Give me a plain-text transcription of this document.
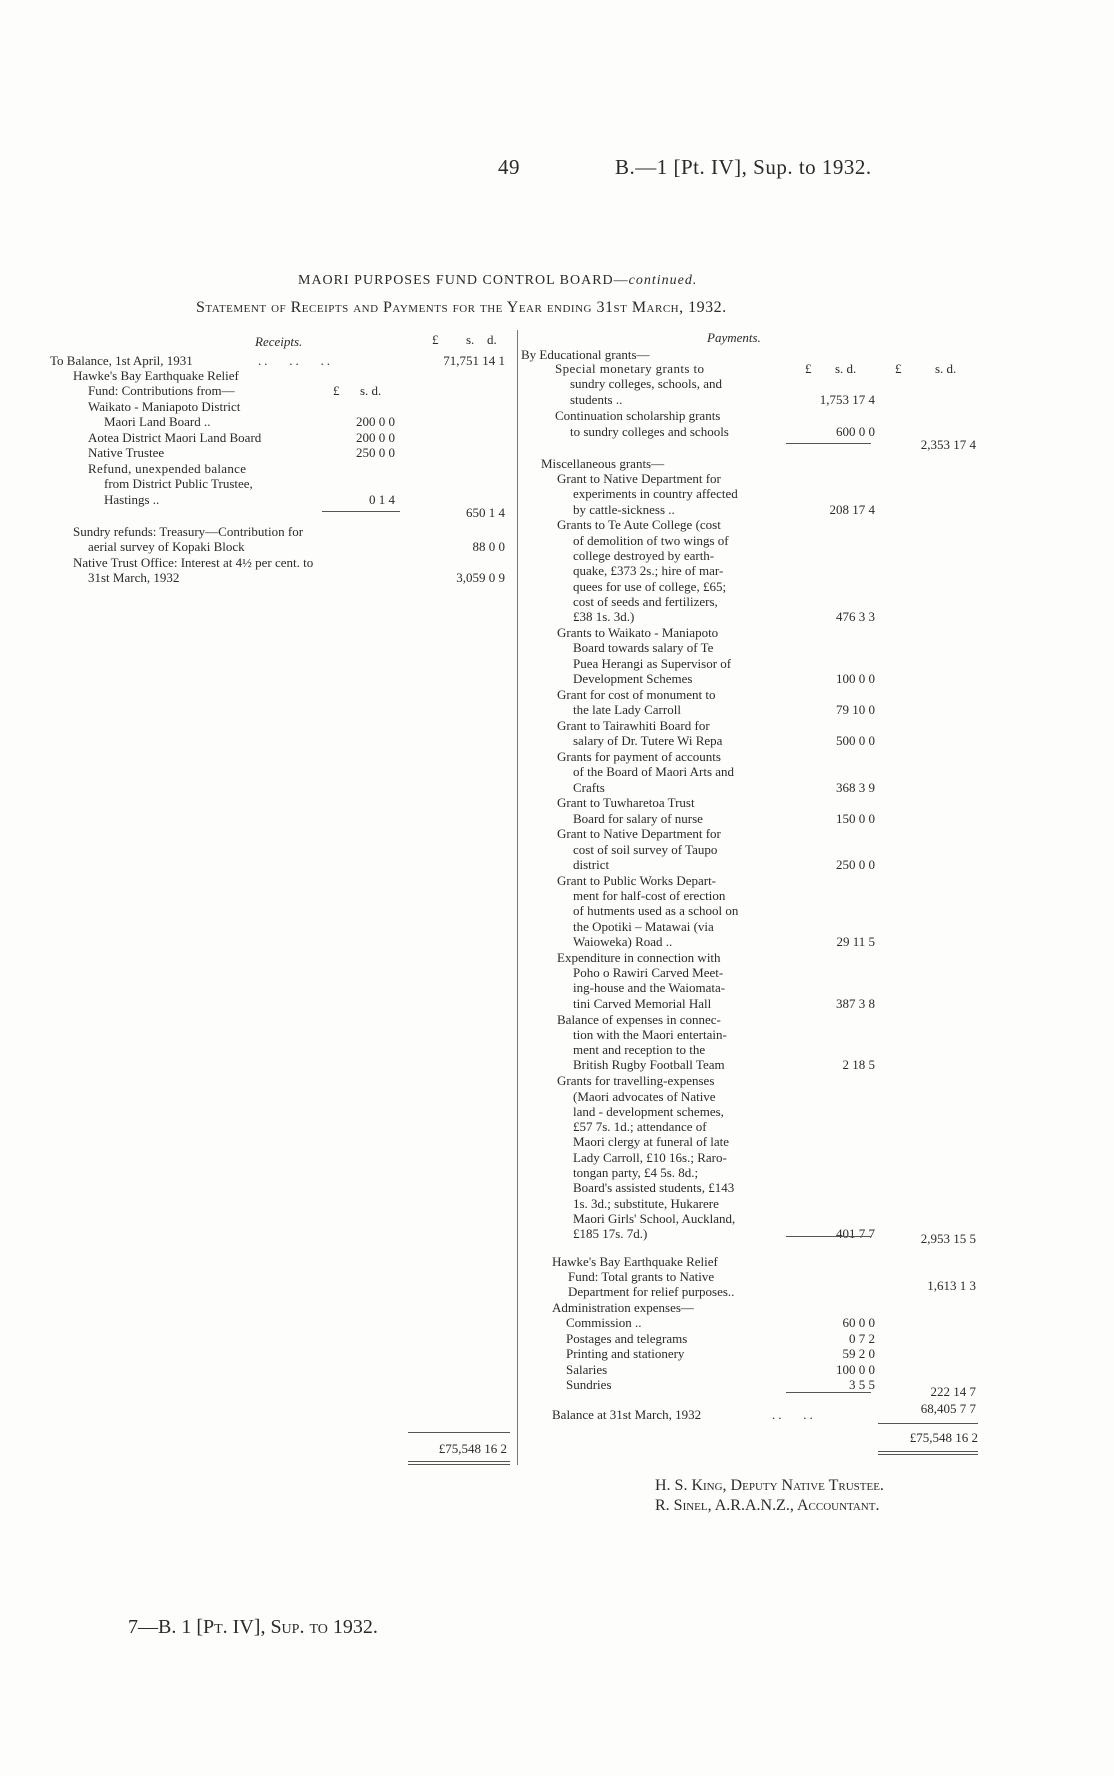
49	B.—1 [Pt. IV], Sup. to 1932.
MAORI PURPOSES FUND CONTROL BOARD—continued.
Statement of Receipts and Payments for the Year ending 31st March, 1932.
Receipts.	£ s. d.
To Balance, 1st April, 1931	..   ..   ..	71,751 14 1
Hawke's Bay Earthquake Relief
Fund: Contributions from—	£ s. d.
Waikato - Maniapoto District
Maori Land Board ..	200 0 0
Aotea District Maori Land Board	200 0 0
Native Trustee	250 0 0
Refund, unexpended balance
from District Public Trustee,
Hastings ..	0 1 4
650 1 4
Sundry refunds: Treasury—Contribution for
aerial survey of Kopaki Block	88 0 0
Native Trust Office: Interest at 4½ per cent. to
31st March, 1932	3,059 0 9
£75,548 16 2
Payments.
By Educational grants—
Special monetary grants to	£ s. d.	£	s. d.
sundry colleges, schools, and
students ..	1,753 17 4
Continuation scholarship grants
to sundry colleges and schools	600 0 0
2,353 17 4
Miscellaneous grants—
Grant to Native Department for
experiments in country affected
by cattle-sickness ..	208 17 4
Grants to Te Aute College (cost
of demolition of two wings of
college destroyed by earth-
quake, £373 2s.; hire of mar-
quees for use of college, £65;
cost of seeds and fertilizers,
£38 1s. 3d.)	476 3 3
Grants to Waikato - Maniapoto
Board towards salary of Te
Puea Herangi as Supervisor of
Development Schemes	100 0 0
Grant for cost of monument to
the late Lady Carroll	79 10 0
Grant to Tairawhiti Board for
salary of Dr. Tutere Wi Repa	500 0 0
Grants for payment of accounts
of the Board of Maori Arts and
Crafts	368 3 9
Grant to Tuwharetoa Trust
Board for salary of nurse	150 0 0
Grant to Native Department for
cost of soil survey of Taupo
district	250 0 0
Grant to Public Works Depart-
ment for half-cost of erection
of hutments used as a school on
the Opotiki – Matawai (via
Waioweka) Road ..	29 11 5
Expenditure in connection with
Poho o Rawiri Carved Meet-
ing-house and the Waiomata-
tini Carved Memorial Hall	387 3 8
Balance of expenses in connec-
tion with the Maori entertain-
ment and reception to the
British Rugby Football Team	2 18 5
Grants for travelling-expenses
(Maori advocates of Native
land - development schemes,
£57 7s. 1d.; attendance of
Maori clergy at funeral of late
Lady Carroll, £10 16s.; Raro-
tongan party, £4 5s. 8d.;
Board's assisted students, £143
1s. 3d.; substitute, Hukarere
Maori Girls' School, Auckland,
£185 17s. 7d.)	401 7 7	2,953 15 5
Hawke's Bay Earthquake Relief
Fund: Total grants to Native
Department for relief purposes..	1,613 1 3
Administration expenses—
Commission ..	60 0 0
Postages and telegrams	0 7 2
Printing and stationery	59 2 0
Salaries	100 0 0
Sundries	3 5 5	222 14 7
Balance at 31st March, 1932	..   ..	68,405 7 7
£75,548 16 2
H. S. King, Deputy Native Trustee.
R. Sinel, A.R.A.N.Z., Accountant.
7—B. 1 [Pt. IV], Sup. to 1932.
